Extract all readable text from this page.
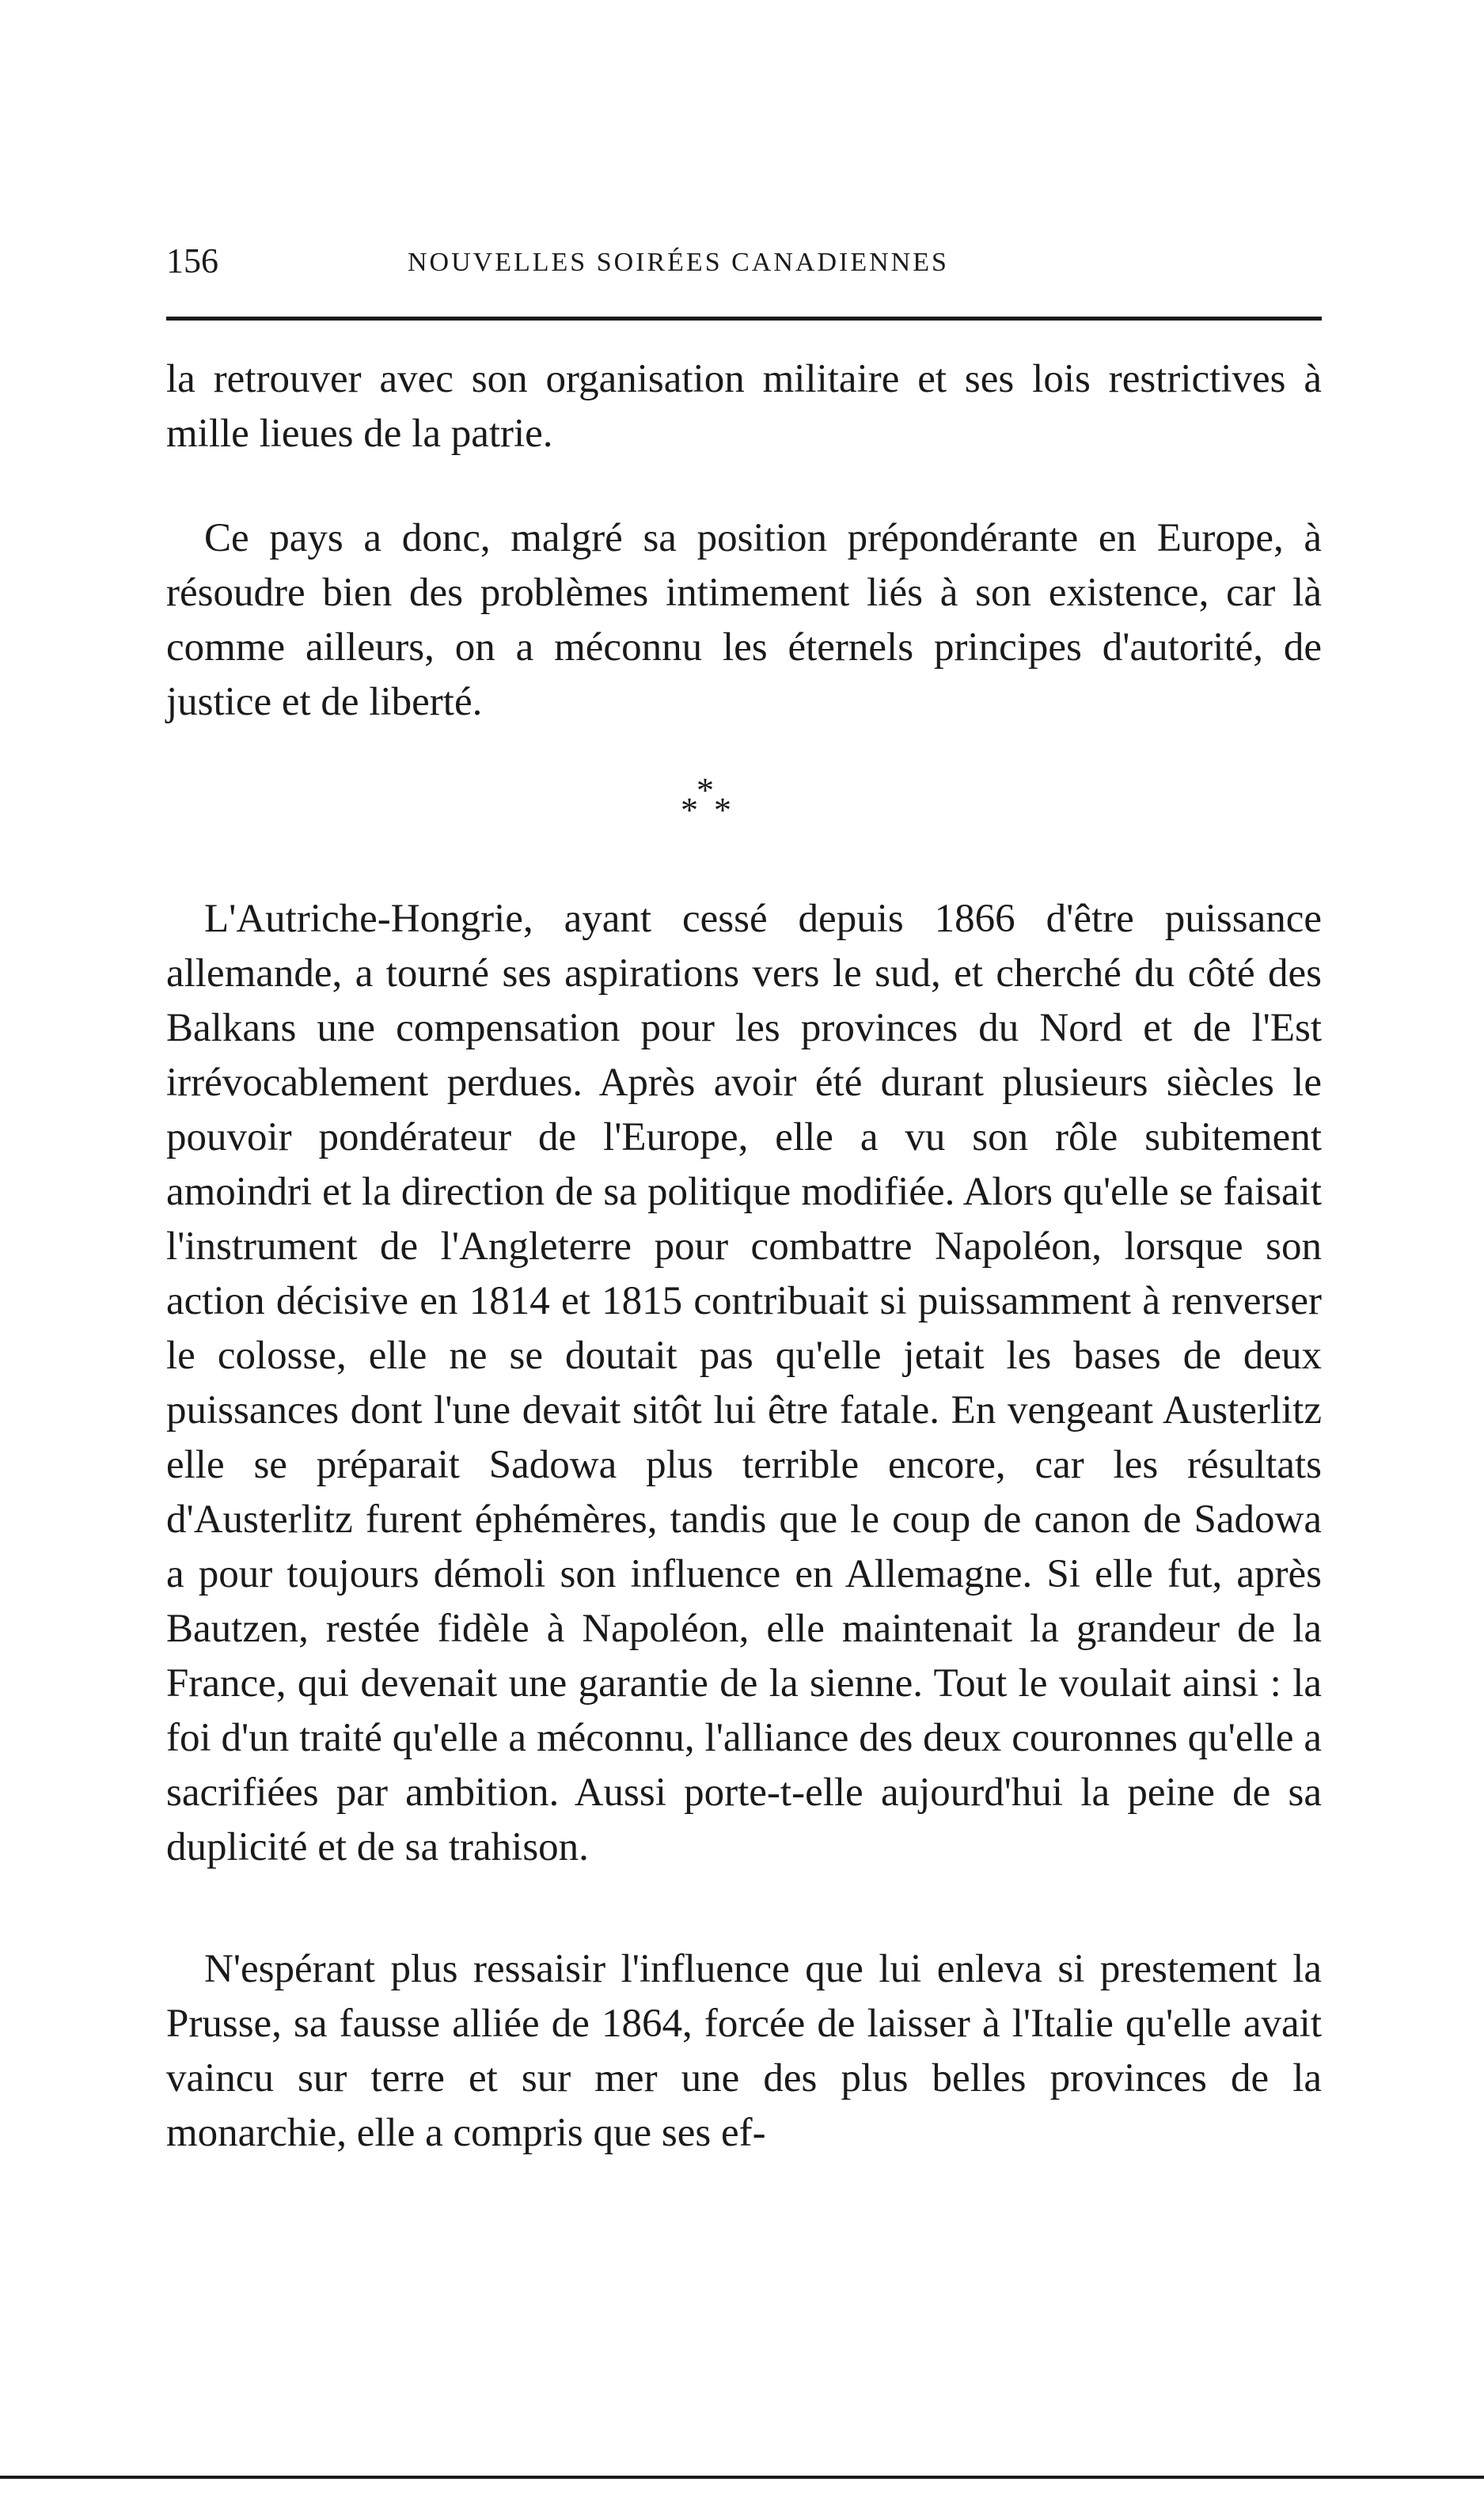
156	NOUVELLES SOIRÉES CANADIENNES

la retrouver avec son organisation militaire et ses lois restrictives à mille lieues de la patrie.

Ce pays a donc, malgré sa position prépondérante en Europe, à résoudre bien des problèmes intimement liés à son existence, car là comme ailleurs, on a méconnu les éternels principes d'autorité, de justice et de liberté.

*
* *

L'Autriche-Hongrie, ayant cessé depuis 1866 d'être puissance allemande, a tourné ses aspirations vers le sud, et cherché du côté des Balkans une compensation pour les provinces du Nord et de l'Est irrévocablement perdues. Après avoir été durant plusieurs siècles le pouvoir pondérateur de l'Europe, elle a vu son rôle subitement amoindri et la direction de sa politique modifiée. Alors qu'elle se faisait l'instrument de l'Angleterre pour combattre Napoléon, lorsque son action décisive en 1814 et 1815 contribuait si puissamment à renverser le colosse, elle ne se doutait pas qu'elle jetait les bases de deux puissances dont l'une devait sitôt lui être fatale. En vengeant Austerlitz elle se préparait Sadowa plus terrible encore, car les résultats d'Austerlitz furent éphémères, tandis que le coup de canon de Sadowa a pour toujours démoli son influence en Allemagne. Si elle fut, après Bautzen, restée fidèle à Napoléon, elle maintenait la grandeur de la France, qui devenait une garantie de la sienne. Tout le voulait ainsi : la foi d'un traité qu'elle a méconnu, l'alliance des deux couronnes qu'elle a sacrifiées par ambition. Aussi porte-t-elle aujourd'hui la peine de sa duplicité et de sa trahison.

N'espérant plus ressaisir l'influence que lui enleva si prestement la Prusse, sa fausse alliée de 1864, forcée de laisser à l'Italie qu'elle avait vaincu sur terre et sur mer une des plus belles provinces de la monarchie, elle a compris que ses ef-
